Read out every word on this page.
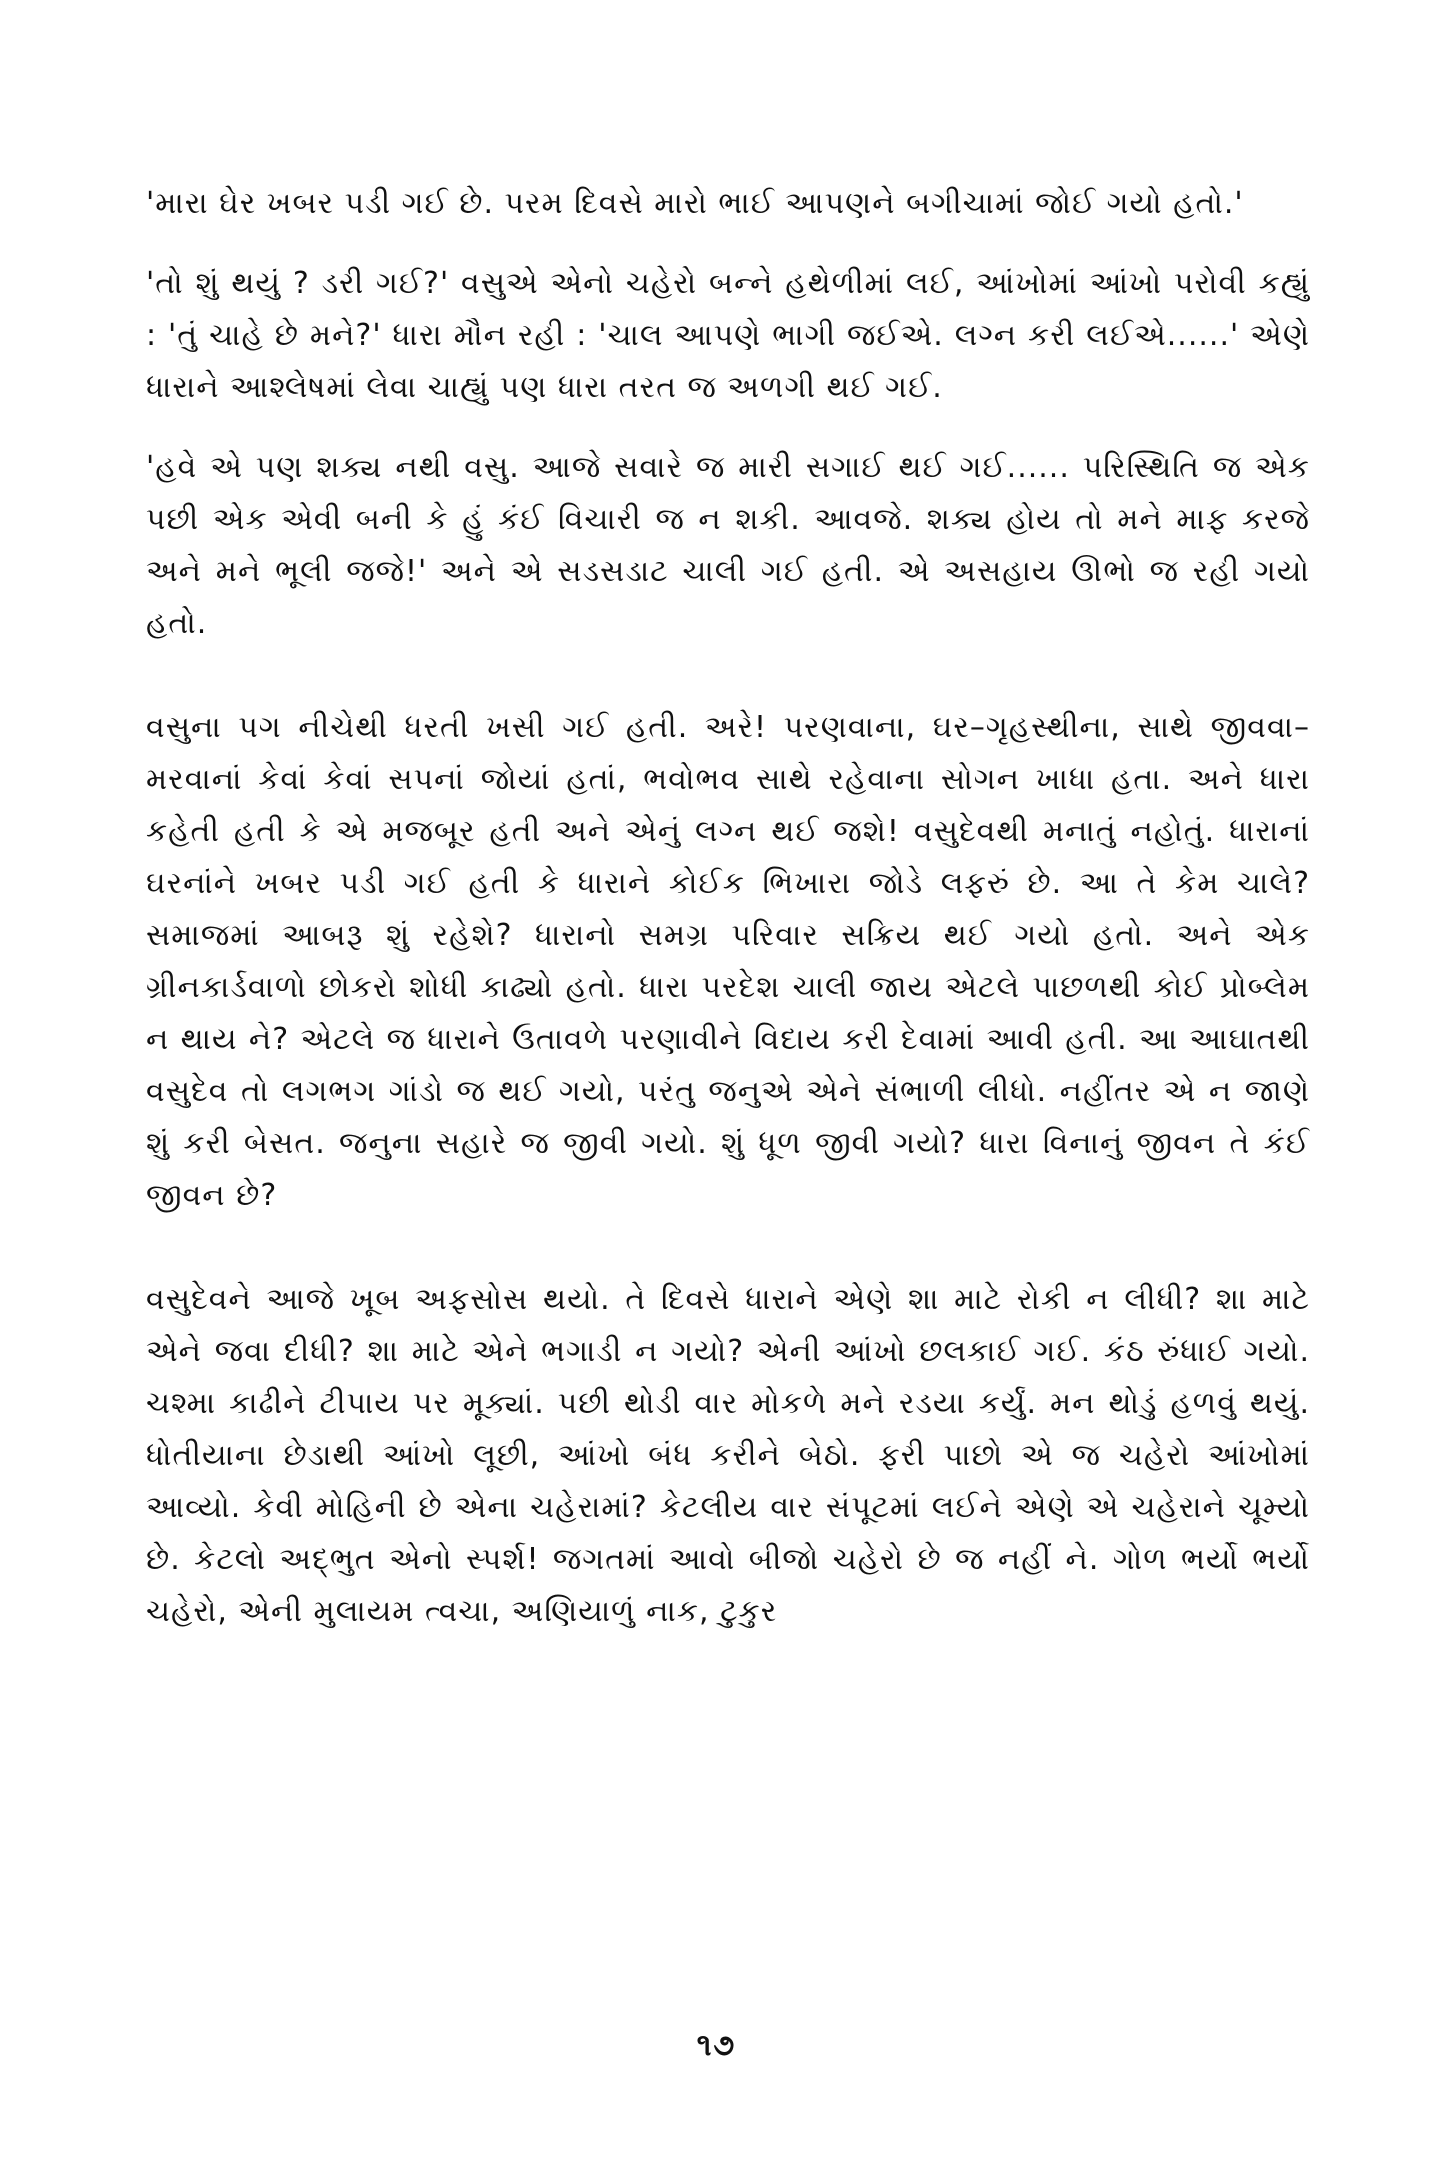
'મારા ઘેર ખબર પડી ગઈ છે. પરમ દિવસે મારો ભાઈ આપણને બગીચામાં જોઈ ગયો હતો.'

'તો શું થયું ? ડરી ગઈ?' વસુએ એનો ચહેરો બન્ને હથેળીમાં લઈ, આંખોમાં આંખો પરોવી કહ્યું : 'તું ચાહે છે મને?' ધારા મૌન રહી : 'ચાલ આપણે ભાગી જઈએ. લગ્ન કરી લઈએ......' એણે ધારાને આશ્લેષમાં લેવા ચાહ્યું પણ ધારા તરત જ અળગી થઈ ગઈ.

'હવે એ પણ શક્ય નથી વસુ. આજે સવારે જ મારી સગાઈ થઈ ગઈ...... પરિસ્થિતિ જ એક પછી એક એવી બની કે હું કંઈ વિચારી જ ન શકી. આવજે. શક્ય હોય તો મને માફ કરજે અને મને ભૂલી જજે!' અને એ સડસડાટ ચાલી ગઈ હતી. એ અસહાય ઊભો જ રહી ગયો હતો.

વસુના પગ નીચેથી ધરતી ખસી ગઈ હતી. અરે! પરણવાના, ઘર–ગૃહસ્થીના, સાથે જીવવા–મરવાનાં કેવાં કેવાં સપનાં જોયાં હતાં, ભવોભવ સાથે રહેવાના સોગન ખાધા હતા. અને ધારા કહેતી હતી કે એ મજબૂર હતી અને એનું લગ્ન થઈ જશે! વસુદેવથી મનાતું નહોતું. ધારાનાં ઘરનાંને ખબર પડી ગઈ હતી કે ધારાને કોઈક ભિખારા જોડે લફરું છે. આ તે કેમ ચાલે? સમાજમાં આબરૂ શું રહેશે? ધારાનો સમગ્ર પરિવાર સક્રિય થઈ ગયો હતો. અને એક ગ્રીનકાર્ડવાળો છોકરો શોધી કાઢ્યો હતો. ધારા પરદેશ ચાલી જાય એટલે પાછળથી કોઈ પ્રોબ્લેમ ન થાય ને? એટલે જ ધારાને ઉતાવળે પરણાવીને વિદાય કરી દેવામાં આવી હતી. આ આઘાતથી વસુદેવ તો લગભગ ગાંડો જ થઈ ગયો, પરંતુ જનુએ એને સંભાળી લીધો. નહીંતર એ ન જાણે શું કરી બેસત. જનુના સહારે જ જીવી ગયો. શું ધૂળ જીવી ગયો? ધારા વિનાનું જીવન તે કંઈ જીવન છે?

વસુદેવને આજે ખૂબ અફસોસ થયો. તે દિવસે ધારાને એણે શા માટે રોકી ન લીધી? શા માટે એને જવા દીધી? શા માટે એને ભગાડી ન ગયો? એની આંખો છલકાઈ ગઈ. કંઠ રુંધાઈ ગયો. ચશ્મા કાઢીને ટીપાય પર મૂક્યાં. પછી થોડી વાર મોકળે મને રડયા કર્યું. મન થોડું હળવું થયું. ધોતીયાના છેડાથી આંખો લૂછી, આંખો બંધ કરીને બેઠો. ફરી પાછો એ જ ચહેરો આંખોમાં આવ્યો. કેવી મોહિની છે એના ચહેરામાં? કેટલીય વાર સંપૂટમાં લઈને એણે એ ચહેરાને ચૂમ્યો છે. કેટલો અદ્ભુત એનો સ્પર્શ! જગતમાં આવો બીજો ચહેરો છે જ નહીં ને. ગોળ ભર્યો ભર્યો ચહેરો, એની મુલાયમ ત્વચા, અણિયાળું નાક, ટુકુર

૧૭
